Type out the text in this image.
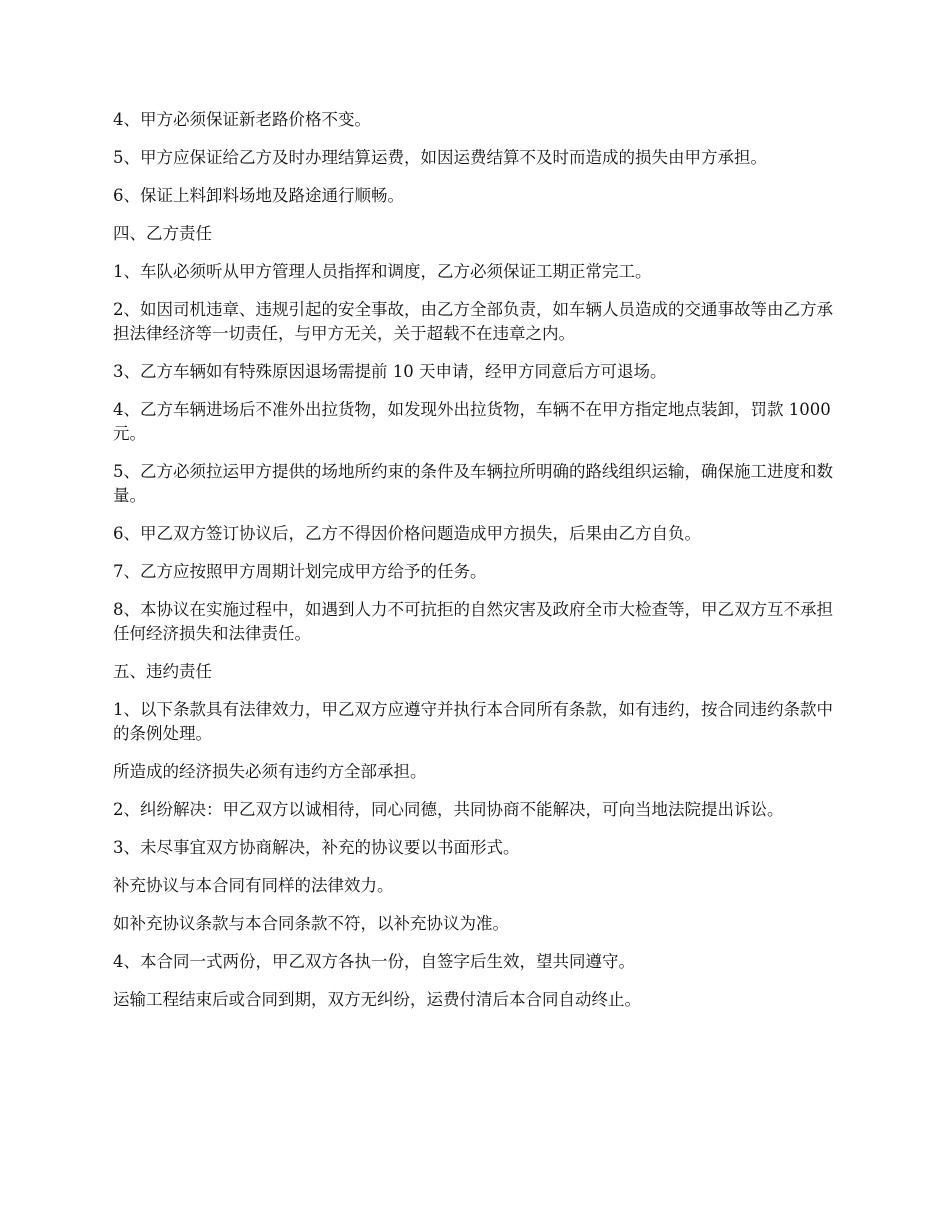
4、甲方必须保证新老路价格不变。

5、甲方应保证给乙方及时办理结算运费，如因运费结算不及时而造成的损失由甲方承担。

6、保证上料卸料场地及路途通行顺畅。

四、乙方责任

1、车队必须听从甲方管理人员指挥和调度，乙方必须保证工期正常完工。

2、如因司机违章、违规引起的安全事故，由乙方全部负责，如车辆人员造成的交通事故等由乙方承担法律经济等一切责任，与甲方无关，关于超载不在违章之内。

3、乙方车辆如有特殊原因退场需提前 10 天申请，经甲方同意后方可退场。

4、乙方车辆进场后不准外出拉货物，如发现外出拉货物，车辆不在甲方指定地点装卸，罚款 1000 元。

5、乙方必须拉运甲方提供的场地所约束的条件及车辆拉所明确的路线组织运输，确保施工进度和数量。

6、甲乙双方签订协议后，乙方不得因价格问题造成甲方损失，后果由乙方自负。

7、乙方应按照甲方周期计划完成甲方给予的任务。

8、本协议在实施过程中，如遇到人力不可抗拒的自然灾害及政府全市大检查等，甲乙双方互不承担任何经济损失和法律责任。

五、违约责任

1、以下条款具有法律效力，甲乙双方应遵守并执行本合同所有条款，如有违约，按合同违约条款中的条例处理。

所造成的经济损失必须有违约方全部承担。

2、纠纷解决：甲乙双方以诚相待，同心同德，共同协商不能解决，可向当地法院提出诉讼。

3、未尽事宜双方协商解决，补充的协议要以书面形式。

补充协议与本合同有同样的法律效力。

如补充协议条款与本合同条款不符，以补充协议为准。

4、本合同一式两份，甲乙双方各执一份，自签字后生效，望共同遵守。

运输工程结束后或合同到期，双方无纠纷，运费付清后本合同自动终止。
